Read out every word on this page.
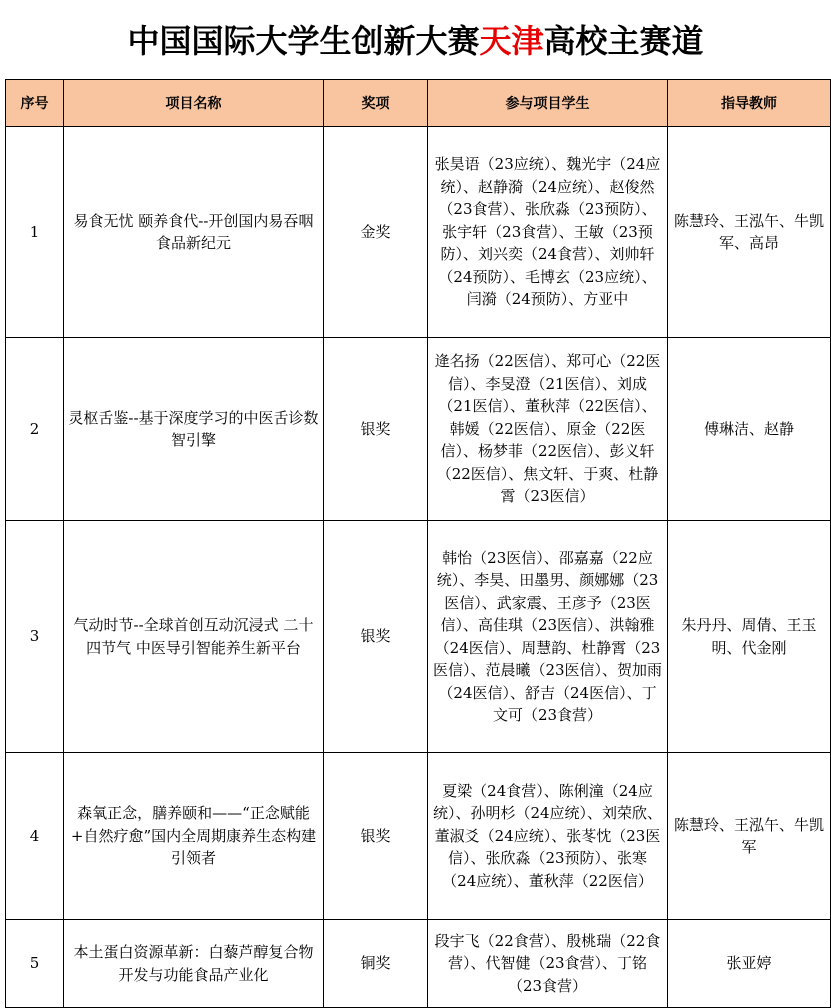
中国国际大学生创新大赛天津高校主赛道
序号	项目名称	奖项	参与项目学生	指导教师
1	易食无忧 颐养食代--开创国内易吞咽食品新纪元	金奖	张昊语（23应统）、魏光宇（24应统）、赵静漪（24应统）、赵俊然（23食营）、张欣淼（23预防）、张宇轩（23食营）、王敏（23预防）、刘兴奕（24食营）、刘帅轩（24预防）、毛博玄（23应统）、闫漪（24预防）、方亚中	陈慧玲、王泓午、牛凯军、高昂
2	灵枢舌鉴--基于深度学习的中医舌诊数智引擎	银奖	逄名扬（22医信）、郑可心（22医信）、李旻澄（21医信）、刘成（21医信）、董秋萍（22医信）、韩媛（22医信）、原金（22医信）、杨梦菲（22医信）、彭义轩（22医信）、焦文轩、于爽、杜静霄（23医信）	傅琳洁、赵静
3	气动时节--全球首创互动沉浸式 二十四节气 中医导引智能养生新平台	银奖	韩怡（23医信）、邵嘉嘉（22应统）、李昊、田墨男、颜娜娜（23医信）、武家震、王彦予（23医信）、高佳琪（23医信）、洪翰雅（24医信）、周慧韵、杜静霄（23医信）、范晨曦（23医信）、贺加雨（24医信）、舒吉（24医信）、丁文可（23食营）	朱丹丹、周倩、王玉明、代金刚
4	森氧正念，膳养颐和——“正念赋能+自然疗愈”国内全周期康养生态构建引领者	银奖	夏梁（24食营）、陈俐潼（24应统）、孙明杉（24应统）、刘荣欣、董淑爻（24应统）、张苳忱（23医信）、张欣淼（23预防）、张寒（24应统）、董秋萍（22医信）	陈慧玲、王泓午、牛凯军
5	本土蛋白资源革新：白藜芦醇复合物开发与功能食品产业化	铜奖	段宇飞（22食营）、殷桃瑞（22食营）、代智健（23食营）、丁铭（23食营）	张亚婷
